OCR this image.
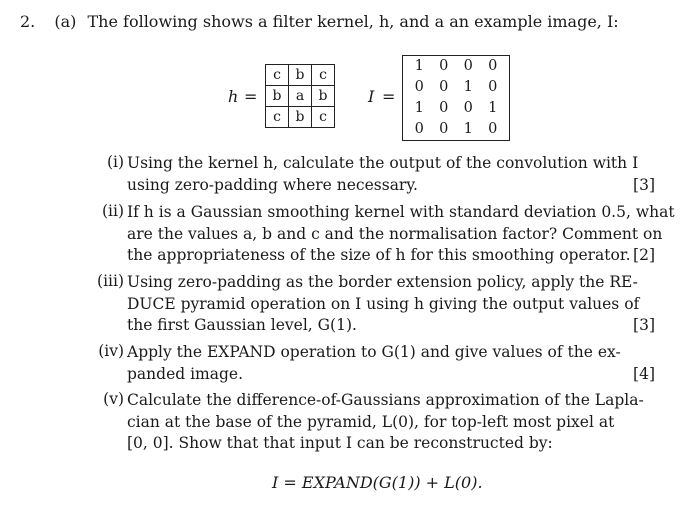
2. (a) The following shows a filter kernel, h, and a an example image, I:
h =
c	b	c
b	a	b
c	b	c
I =
1 0 0 0
0 0 1 0
1 0 0 1
0 0 1 0
(i) Using the kernel h, calculate the output of the convolution with I
using zero-padding where necessary.	[3]
(ii) If h is a Gaussian smoothing kernel with standard deviation 0.5, what
are the values a, b and c and the normalisation factor? Comment on
the appropriateness of the size of h for this smoothing operator. [2]
(iii) Using zero-padding as the border extension policy, apply the RE-
DUCE pyramid operation on I using h giving the output values of
the first Gaussian level, G(1).	[3]
(iv) Apply the EXPAND operation to G(1) and give values of the ex-
panded image.	[4]
(v) Calculate the difference-of-Gaussians approximation of the Lapla-
cian at the base of the pyramid, L(0), for top-left most pixel at
[0, 0]. Show that that input I can be reconstructed by:
I = EXPAND(G(1)) + L(0).
